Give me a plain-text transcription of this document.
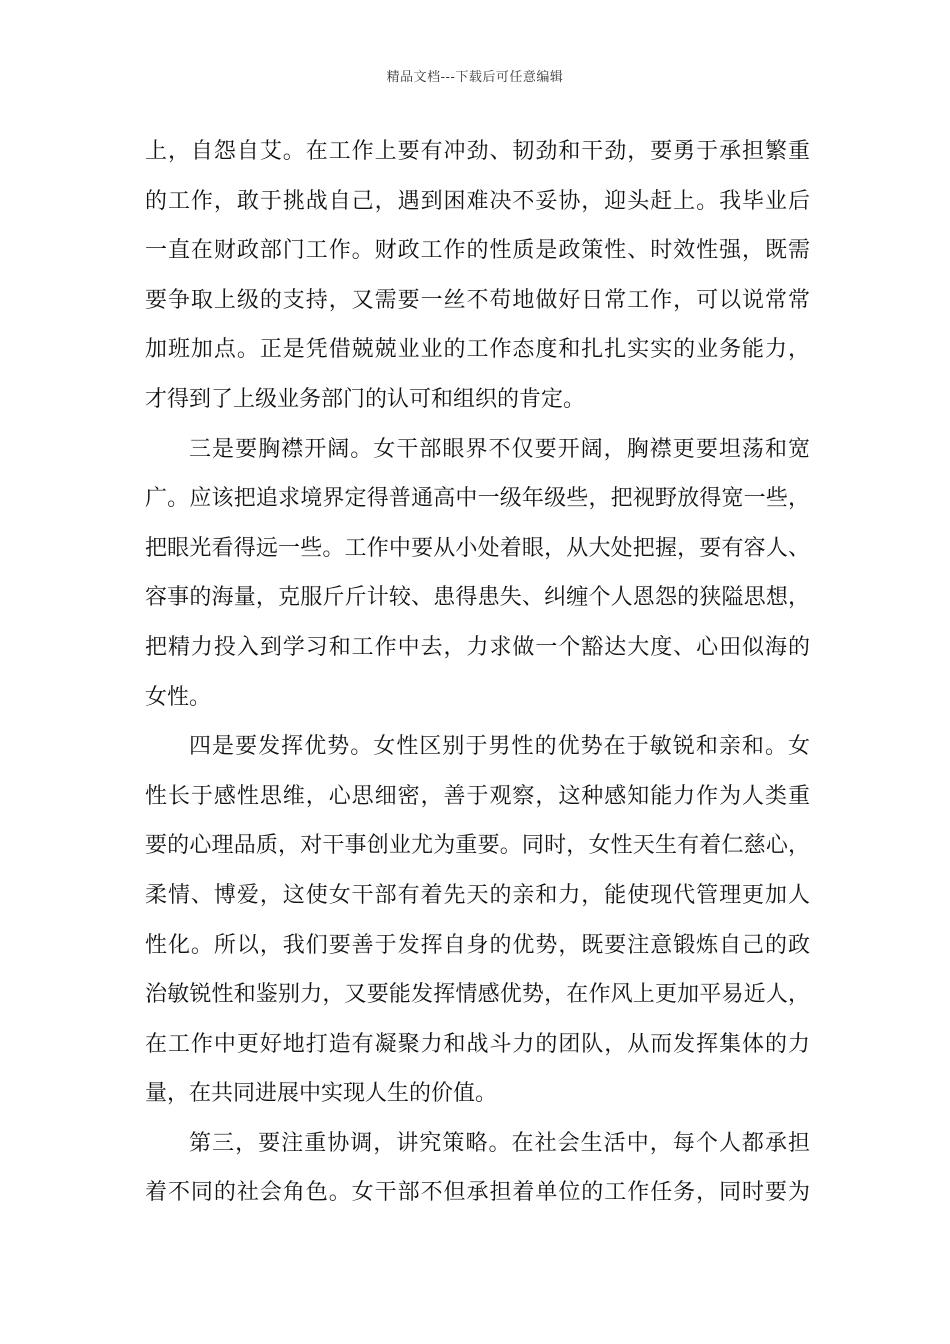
精品文档---下载后可任意编辑
上，自怨自艾。在工作上要有冲劲、韧劲和干劲，要勇于承担繁重
的工作，敢于挑战自己，遇到困难决不妥协，迎头赶上。我毕业后
一直在财政部门工作。财政工作的性质是政策性、时效性强，既需
要争取上级的支持，又需要一丝不苟地做好日常工作，可以说常常
加班加点。正是凭借兢兢业业的工作态度和扎扎实实的业务能力，
才得到了上级业务部门的认可和组织的肯定。
三是要胸襟开阔。女干部眼界不仅要开阔，胸襟更要坦荡和宽
广。应该把追求境界定得普通高中一级年级些，把视野放得宽一些，
把眼光看得远一些。工作中要从小处着眼，从大处把握，要有容人、
容事的海量，克服斤斤计较、患得患失、纠缠个人恩怨的狭隘思想，
把精力投入到学习和工作中去，力求做一个豁达大度、心田似海的
女性。
四是要发挥优势。女性区别于男性的优势在于敏锐和亲和。女
性长于感性思维，心思细密，善于观察，这种感知能力作为人类重
要的心理品质，对干事创业尤为重要。同时，女性天生有着仁慈心，
柔情、博爱，这使女干部有着先天的亲和力，能使现代管理更加人
性化。所以，我们要善于发挥自身的优势，既要注意锻炼自己的政
治敏锐性和鉴别力，又要能发挥情感优势，在作风上更加平易近人，
在工作中更好地打造有凝聚力和战斗力的团队，从而发挥集体的力
量，在共同进展中实现人生的价值。
第三，要注重协调，讲究策略。在社会生活中，每个人都承担
着不同的社会角色。女干部不但承担着单位的工作任务，同时要为
